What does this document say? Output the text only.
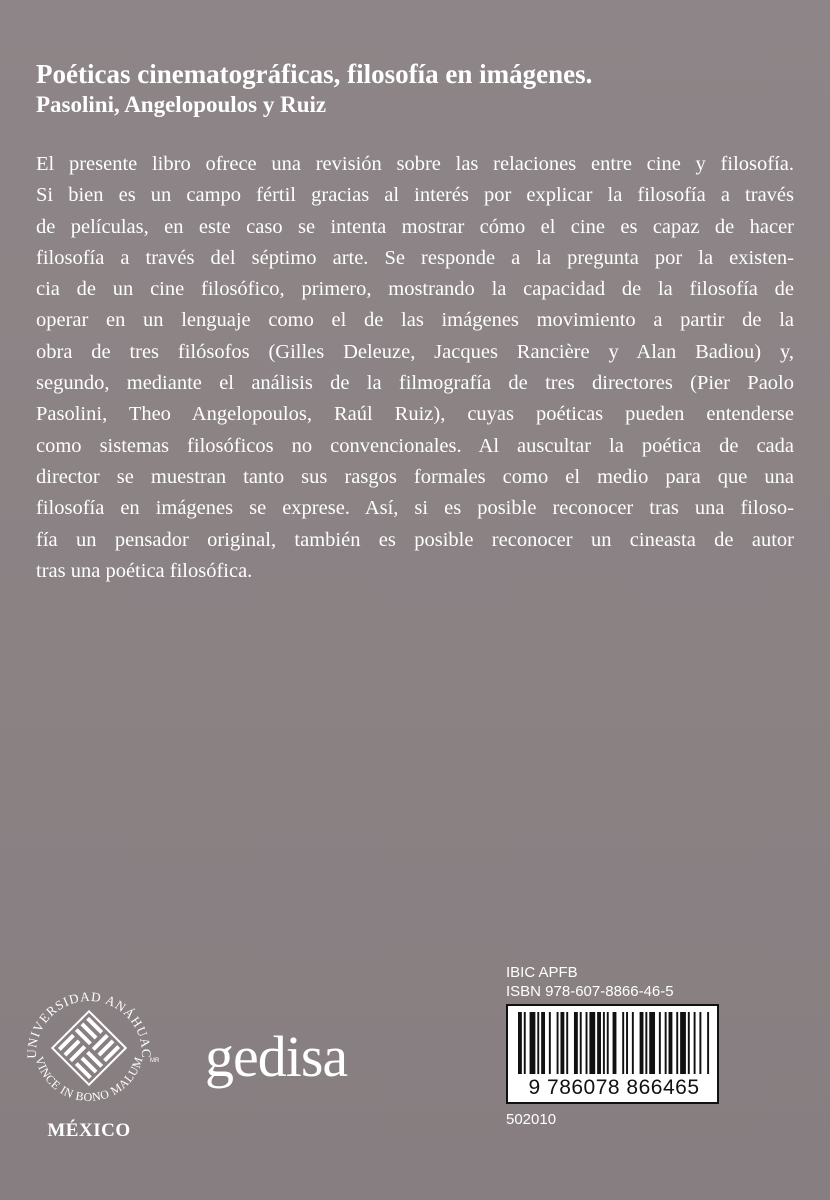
Poéticas cinematográficas, filosofía en imágenes.
Pasolini, Angelopoulos y Ruiz
El presente libro ofrece una revisión sobre las relaciones entre cine y filosofía.
Si bien es un campo fértil gracias al interés por explicar la filosofía a través
de películas, en este caso se intenta mostrar cómo el cine es capaz de hacer
filosofía a través del séptimo arte. Se responde a la pregunta por la existen-
cia de un cine filosófico, primero, mostrando la capacidad de la filosofía de
operar en un lenguaje como el de las imágenes movimiento a partir de la
obra de tres filósofos (Gilles Deleuze, Jacques Rancière y Alan Badiou) y,
segundo, mediante el análisis de la filmografía de tres directores (Pier Paolo
Pasolini, Theo Angelopoulos, Raúl Ruiz), cuyas poéticas pueden entenderse
como sistemas filosóficos no convencionales. Al auscultar la poética de cada
director se muestran tanto sus rasgos formales como el medio para que una
filosofía en imágenes se exprese. Así, si es posible reconocer tras una filoso-
fía un pensador original, también es posible reconocer un cineasta de autor
tras una poética filosófica.
UNIVERSIDAD ANÁHUAC
VINCE IN BONO MALUM MR
MÉXICO
gedisa
IBIC APFB
ISBN 978-607-8866-46-5
9 786078 866465
502010
